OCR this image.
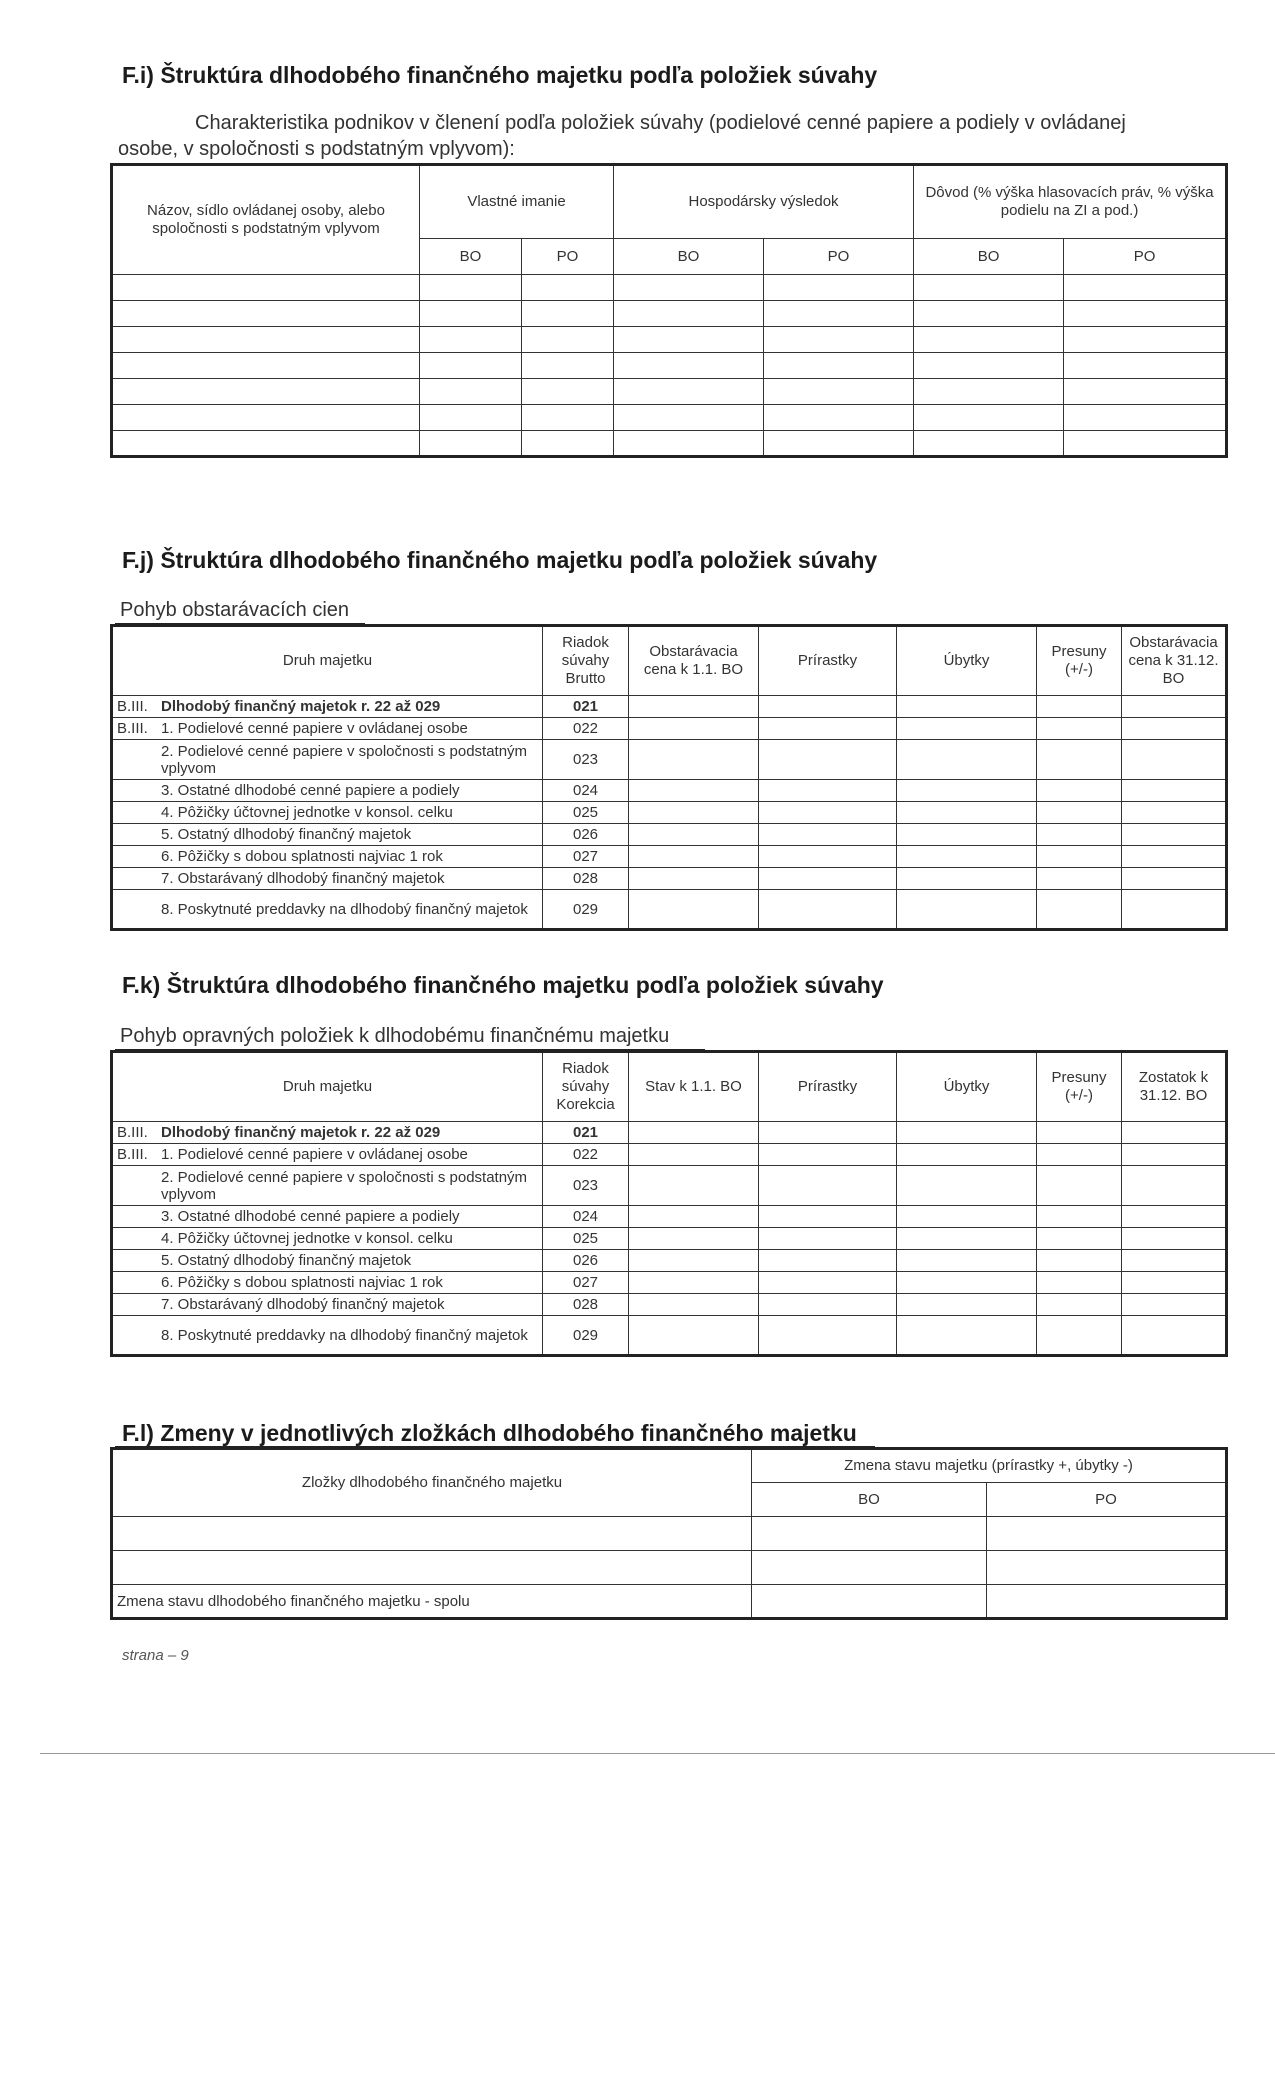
F.i) Štruktúra dlhodobého finančného majetku podľa položiek súvahy
Charakteristika podnikov v členení podľa položiek súvahy (podielové cenné papiere a podiely v ovládanej
osobe, v spoločnosti s podstatným vplyvom):
Názov, sídlo ovládanej osoby, alebo spoločnosti s podstatným vplyvom	Vlastné imanie		Hospodársky výsledok		Dôvod (% výška hlasovacích práv, % výška podielu na ZI a pod.)	
	BO	PO	BO	PO	BO	PO

F.j) Štruktúra dlhodobého finančného majetku podľa položiek súvahy
Pohyb obstarávacích cien
Druh majetku	Riadok súvahy Brutto	Obstarávacia cena k 1.1. BO	Prírastky	Úbytky	Presuny (+/-)	Obstarávacia cena k 31.12. BO
B.III. Dlhodobý finančný majetok r. 22 až 029	021					
B.III. 1. Podielové cenné papiere v ovládanej osobe	022					
2. Podielové cenné papiere v spoločnosti s podstatným vplyvom	023					
3. Ostatné dlhodobé cenné papiere a podiely	024					
4. Pôžičky účtovnej jednotke v konsol. celku	025					
5. Ostatný dlhodobý finančný majetok	026					
6. Pôžičky s dobou splatnosti najviac 1 rok	027					
7. Obstarávaný dlhodobý finančný majetok	028					
8. Poskytnuté preddavky na dlhodobý finančný majetok	029					
F.k) Štruktúra dlhodobého finančného majetku podľa položiek súvahy
Pohyb opravných položiek k dlhodobému finančnému majetku
Druh majetku	Riadok súvahy Korekcia	Stav k 1.1. BO	Prírastky	Úbytky	Presuny (+/-)	Zostatok k 31.12. BO
B.III. Dlhodobý finančný majetok r. 22 až 029	021					
B.III. 1. Podielové cenné papiere v ovládanej osobe	022					
2. Podielové cenné papiere v spoločnosti s podstatným vplyvom	023					
3. Ostatné dlhodobé cenné papiere a podiely	024					
4. Pôžičky účtovnej jednotke v konsol. celku	025					
5. Ostatný dlhodobý finančný majetok	026					
6. Pôžičky s dobou splatnosti najviac 1 rok	027					
7. Obstarávaný dlhodobý finančný majetok	028					
8. Poskytnuté preddavky na dlhodobý finančný majetok	029					
F.l) Zmeny v jednotlivých zložkách dlhodobého finančného majetku
Zložky dlhodobého finančného majetku	Zmena stavu majetku (prírastky +, úbytky -)	
	BO	PO

Zmena stavu dlhodobého finančného majetku - spolu		
strana – 9
